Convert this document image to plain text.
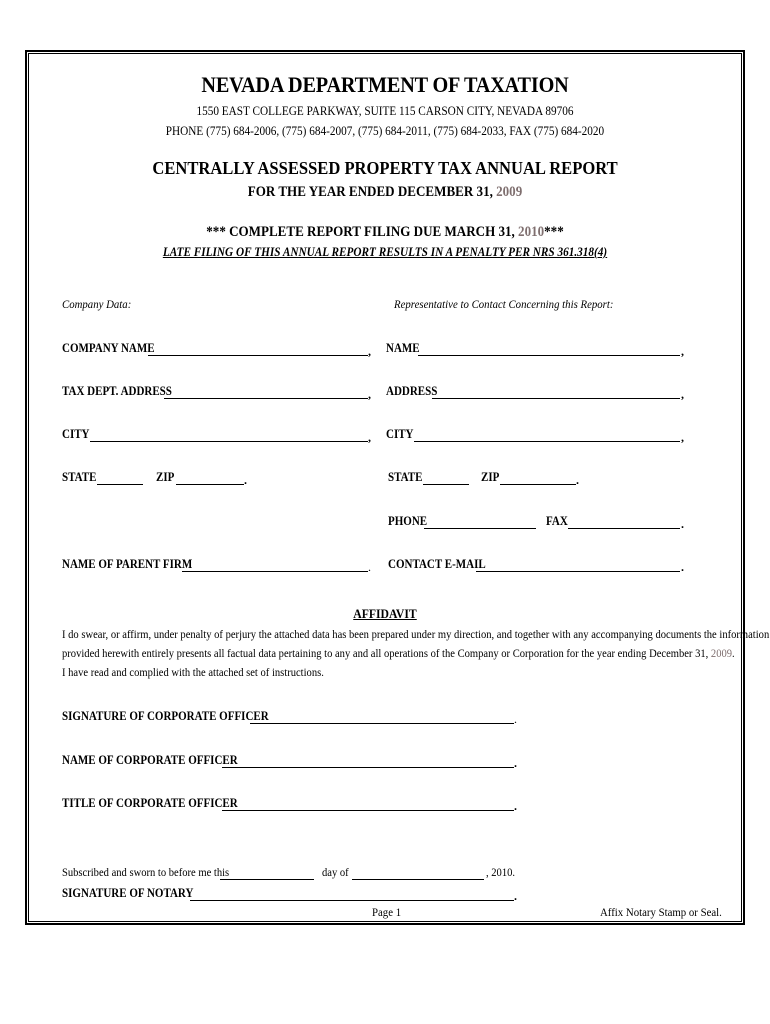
NEVADA DEPARTMENT OF TAXATION
1550 EAST COLLEGE PARKWAY, SUITE 115 CARSON CITY, NEVADA 89706
PHONE (775) 684-2006, (775) 684-2007, (775) 684-2011, (775) 684-2033, FAX (775) 684-2020
CENTRALLY ASSESSED PROPERTY TAX ANNUAL REPORT
FOR THE YEAR ENDED DECEMBER 31, 2009
*** COMPLETE REPORT FILING DUE MARCH 31, 2010***
LATE FILING OF THIS ANNUAL REPORT RESULTS IN A PENALTY PER NRS 361.318(4)
Company Data:	Representative to Contact Concerning this Report:
COMPANY NAME	, NAME	,
TAX DEPT. ADDRESS	, ADDRESS	,
CITY	, CITY	,
STATE	ZIP	.	STATE	ZIP	.
PHONE	FAX	.
NAME OF PARENT FIRM	. CONTACT E-MAIL	.
AFFIDAVIT
I do swear, or affirm, under penalty of perjury the attached data has been prepared under my direction, and together with any accompanying documents the information
provided herewith entirely presents all factual data pertaining to any and all operations of the Company or Corporation for the year ending December 31, 2009.
I have read and complied with the attached set of instructions.
SIGNATURE OF CORPORATE OFFICER	.
NAME OF CORPORATE OFFICER	.
TITLE OF CORPORATE OFFICER	.
Subscribed and sworn to before me this	day of	, 2010.
SIGNATURE OF NOTARY	.
Page 1	Affix Notary Stamp or Seal.
